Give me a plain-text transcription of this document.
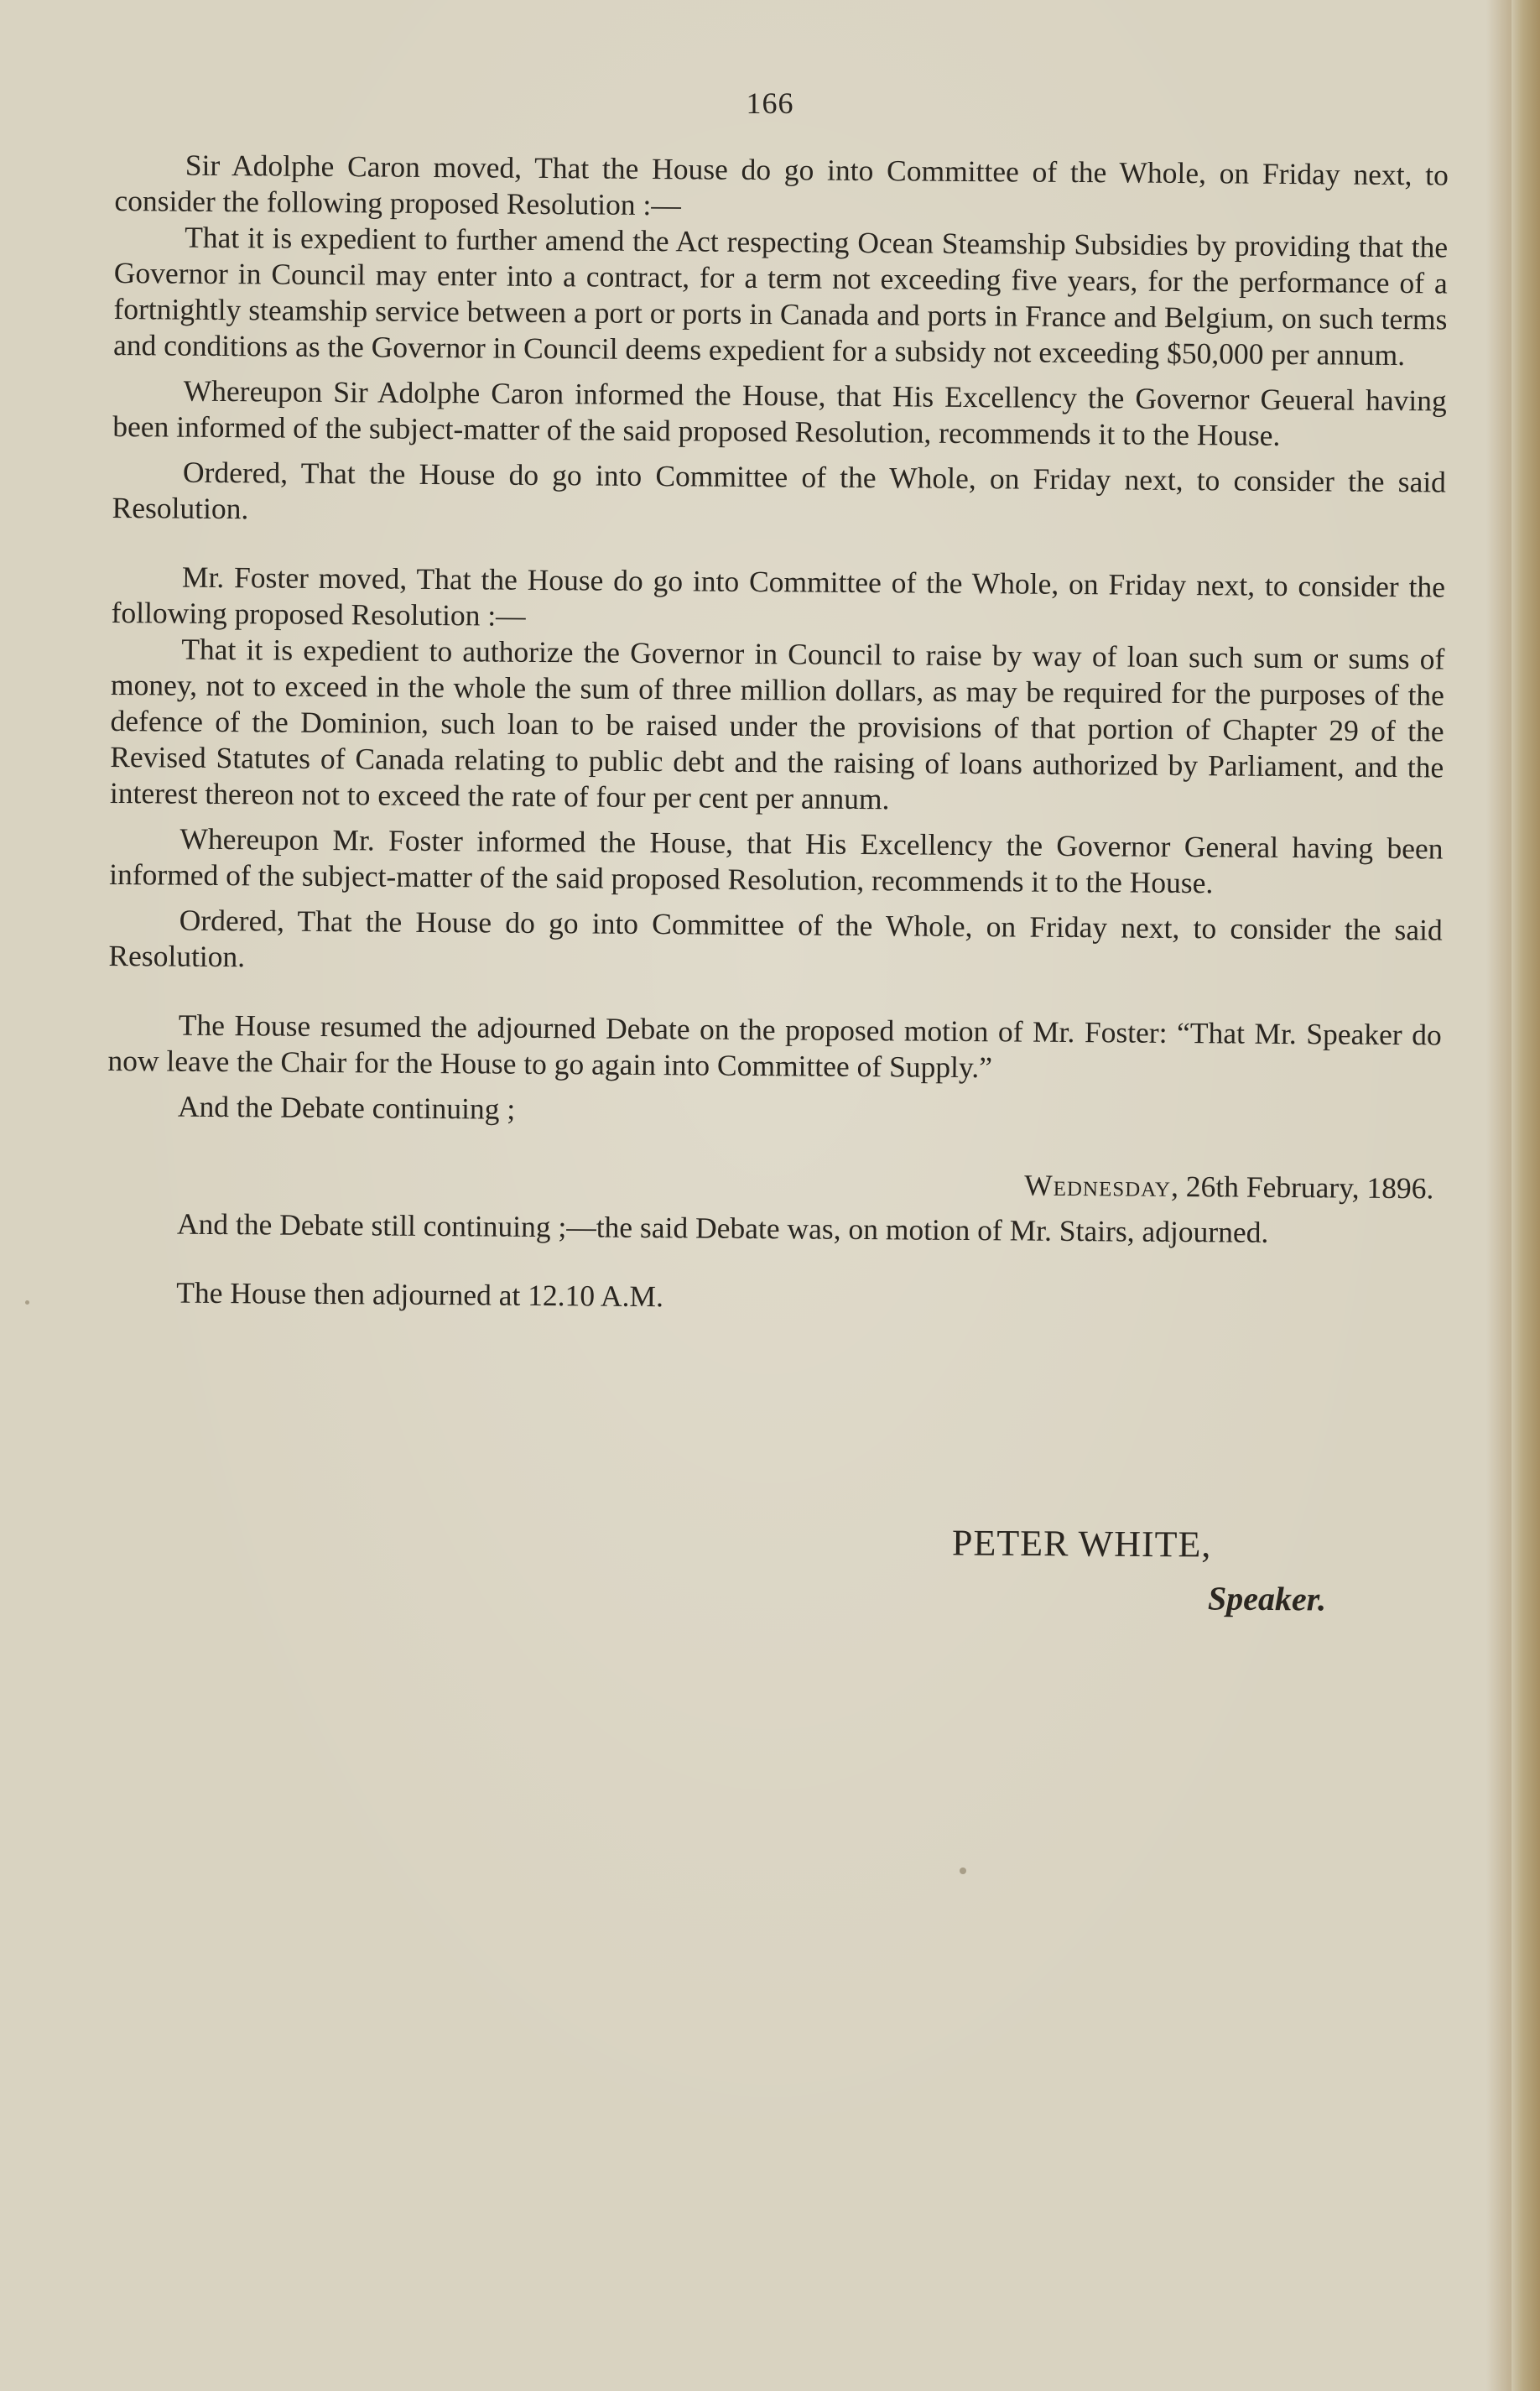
166

Sir Adolphe Caron moved, That the House do go into Committee of the Whole, on Friday next, to consider the following proposed Resolution :—

That it is expedient to further amend the Act respecting Ocean Steamship Subsidies by providing that the Governor in Council may enter into a contract, for a term not exceeding five years, for the performance of a fortnightly steamship service between a port or ports in Canada and ports in France and Belgium, on such terms and conditions as the Governor in Council deems expedient for a subsidy not exceeding $50,000 per annum.

Whereupon Sir Adolphe Caron informed the House, that His Excellency the Governor Geueral having been informed of the subject-matter of the said proposed Resolution, recommends it to the House.

Ordered, That the House do go into Committee of the Whole, on Friday next, to consider the said Resolution.

Mr. Foster moved, That the House do go into Committee of the Whole, on Friday next, to consider the following proposed Resolution :—

That it is expedient to authorize the Governor in Council to raise by way of loan such sum or sums of money, not to exceed in the whole the sum of three million dollars, as may be required for the purposes of the defence of the Dominion, such loan to be raised under the provisions of that portion of Chapter 29 of the Revised Statutes of Canada relating to public debt and the raising of loans authorized by Parliament, and the interest thereon not to exceed the rate of four per cent per annum.

Whereupon Mr. Foster informed the House, that His Excellency the Governor General having been informed of the subject-matter of the said proposed Resolution, recommends it to the House.

Ordered, That the House do go into Committee of the Whole, on Friday next, to consider the said Resolution.

The House resumed the adjourned Debate on the proposed motion of Mr. Foster: “That Mr. Speaker do now leave the Chair for the House to go again into Committee of Supply.”

And the Debate continuing ;

Wednesday, 26th February, 1896.

And the Debate still continuing ;—the said Debate was, on motion of Mr. Stairs, adjourned.

The House then adjourned at 12.10 A.M.

PETER WHITE,
Speaker.
